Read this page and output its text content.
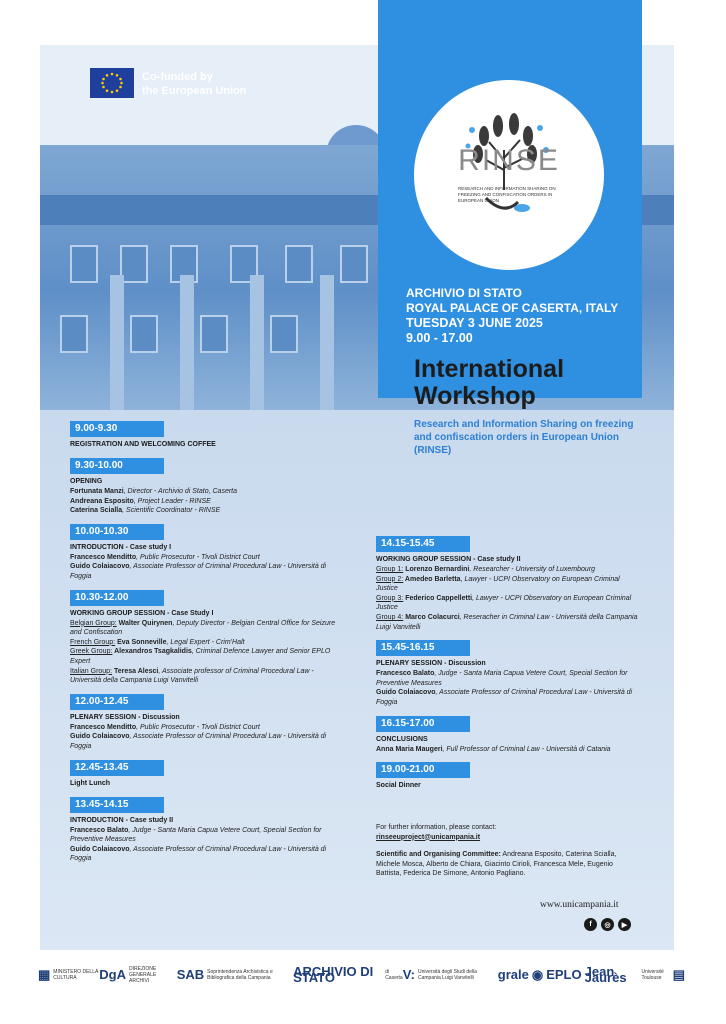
Co-funded by
the European Union
RINSE
RESEARCH AND INFORMATION SHARING ON FREEZING AND CONFISCATION ORDERS IN EUROPEAN UNION
ARCHIVIO DI STATO
ROYAL PALACE OF CASERTA, ITALY
TUESDAY 3 JUNE 2025
9.00 - 17.00
International
Workshop
Research and Information Sharing on freezing and confiscation orders in European Union (RINSE)
9.00-9.30
REGISTRATION AND WELCOMING COFFEE
9.30-10.00
OPENING
Fortunata Manzi, Director - Archivio di Stato, Caserta
Andreana Esposito, Project Leader - RINSE
Caterina Scialla, Scientific Coordinator - RINSE
10.00-10.30
INTRODUCTION - Case study I
Francesco Menditto, Public Prosecutor - Tivoli District Court
Guido Colaiacovo, Associate Professor of Criminal Procedural Law - Università di Foggia
10.30-12.00
WORKING GROUP SESSION - Case Study I
Belgian Group: Walter Quirynen, Deputy Director - Belgian Central Office for Seizure and Confiscation
French Group: Eva Sonneville, Legal Expert - Crim'Halt
Greek Group: Alexandros Tsagkalidis, Criminal Defence Lawyer and Senior EPLO Expert
Italian Group: Teresa Alesci, Associate professor of Criminal Procedural Law - Università della Campania Luigi Vanvitelli
12.00-12.45
PLENARY SESSION - Discussion
Francesco Menditto, Public Prosecutor - Tivoli District Court
Guido Colaiacovo, Associate Professor of Criminal Procedural Law - Università di Foggia
12.45-13.45
Light Lunch
13.45-14.15
INTRODUCTION - Case study II
Francesco Balato, Judge - Santa Maria Capua Vetere Court, Special Section for Preventive Measures
Guido Colaiacovo, Associate Professor of Criminal Procedural Law - Università di Foggia
14.15-15.45
WORKING GROUP SESSION - Case study II
Group 1: Lorenzo Bernardini, Researcher - University of Luxembourg
Group 2: Amedeo Barletta, Lawyer - UCPI Observatory on European Criminal Justice
Group 3: Federico Cappelletti, Lawyer - UCPI Observatory on European Criminal Justice
Group 4: Marco Colacurci, Reseracher in Criminal Law - Università della Campania Luigi Vanvitelli
15.45-16.15
PLENARY SESSION - Discussion
Francesco Balato, Judge - Santa Maria Capua Vetere Court, Special Section for Preventive Measures
Guido Colaiacovo, Associate Professor of Criminal Procedural Law - Università di Foggia
16.15-17.00
CONCLUSIONS
Anna Maria Maugeri, Full Professor of Criminal Law - Università di Catania
19.00-21.00
Social Dinner
For further information, please contact:
rinseeuproject@unicampania.it
Scientific and Organising Committee: Andreana Esposito, Caterina Scialla, Michele Mosca, Alberto de Chiara, Giacinto Cirioli, Francesca Mele, Eugenio Battista, Federica De Simone, Antonio Pagliano.
www.unicampania.it
f	◎	▶
▦ MINISTERO DELLA CULTURA	DgA DIREZIONE GENERALE ARCHIVI	SAB Soprintendenza Archivistica e Bibliografica della Campania	ARCHIVIO DI STATO	di Caserta V: Università degli Studi della Campania Luigi Vanvitelli	grale ◉ EPLO Jean Jaurès	Université Toulouse ▤
